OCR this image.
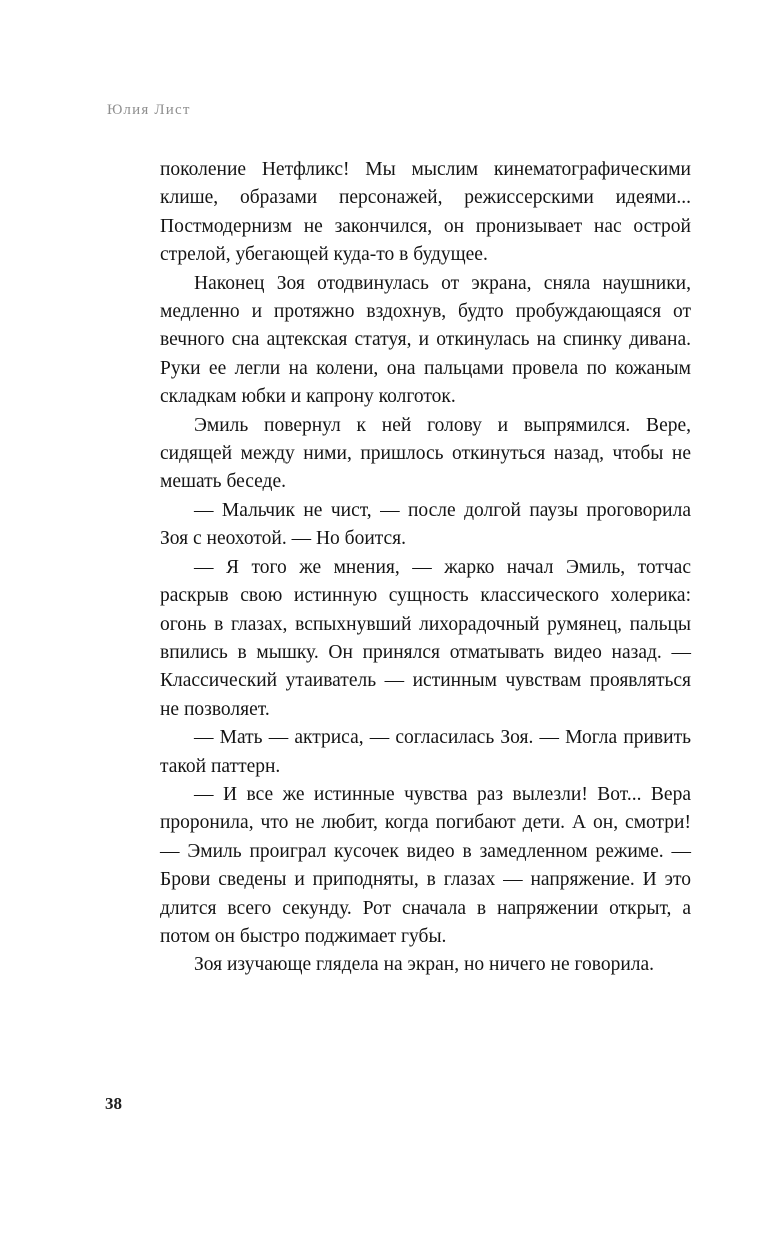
Юлия Лист

поколение Нетфликс! Мы мыслим кинематографическими клише, образами персонажей, режиссерскими идеями... Постмодернизм не закончился, он пронизывает нас острой стрелой, убегающей куда-то в будущее.

Наконец Зоя отодвинулась от экрана, сняла наушники, медленно и протяжно вздохнув, будто пробуждающаяся от вечного сна ацтекская статуя, и откинулась на спинку дивана. Руки ее легли на колени, она пальцами провела по кожаным складкам юбки и капрону колготок.

Эмиль повернул к ней голову и выпрямился. Вере, сидящей между ними, пришлось откинуться назад, чтобы не мешать беседе.

— Мальчик не чист, — после долгой паузы проговорила Зоя с неохотой. — Но боится.

— Я того же мнения, — жарко начал Эмиль, тотчас раскрыв свою истинную сущность классического холерика: огонь в глазах, вспыхнувший лихорадочный румянец, пальцы впились в мышку. Он принялся отматывать видео назад. — Классический утаиватель — истинным чувствам проявляться не позволяет.

— Мать — актриса, — согласилась Зоя. — Могла привить такой паттерн.

— И все же истинные чувства раз вылезли! Вот... Вера проронила, что не любит, когда погибают дети. А он, смотри! — Эмиль проиграл кусочек видео в замедленном режиме. — Брови сведены и приподняты, в глазах — напряжение. И это длится всего секунду. Рот сначала в напряжении открыт, а потом он быстро поджимает губы.

Зоя изучающе глядела на экран, но ничего не говорила.

38
